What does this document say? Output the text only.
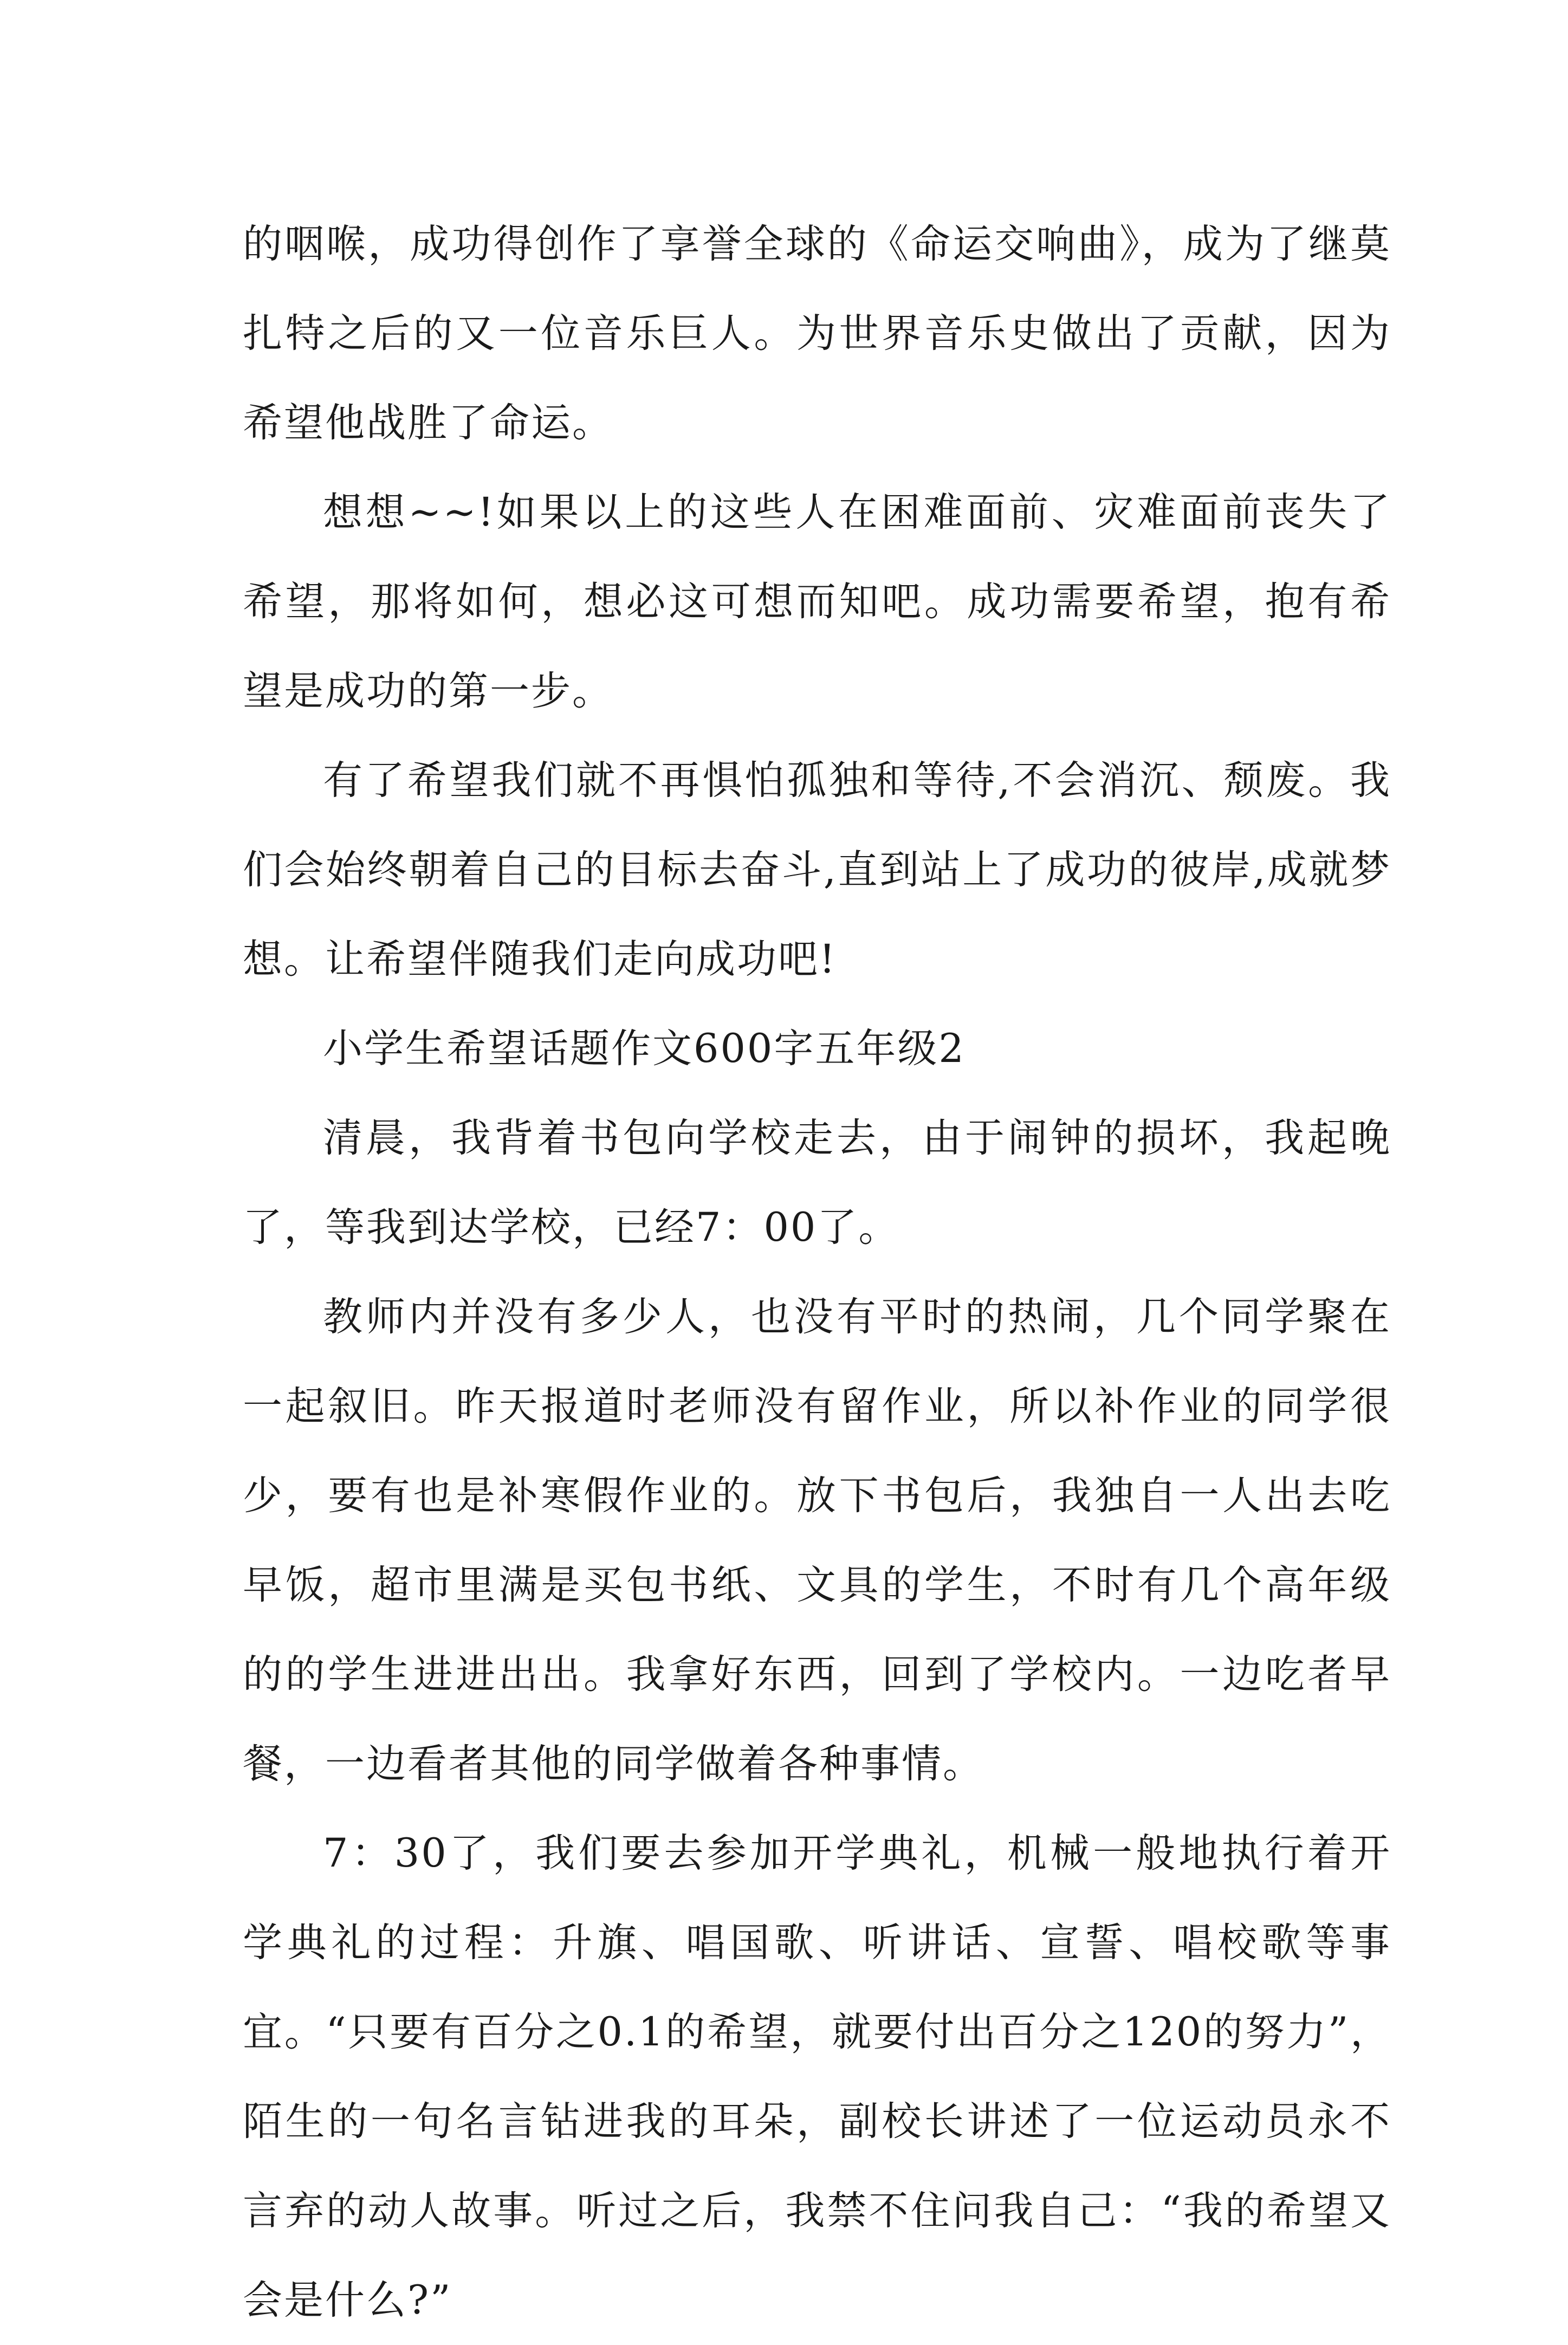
的咽喉，成功得创作了享誉全球的《命运交响曲》，成为了继莫扎特之后的又一位音乐巨人。为世界音乐史做出了贡献，因为希望他战胜了命运。

想想~~!如果以上的这些人在困难面前、灾难面前丧失了希望，那将如何，想必这可想而知吧。成功需要希望，抱有希望是成功的第一步。

有了希望我们就不再惧怕孤独和等待,不会消沉、颓废。我们会始终朝着自己的目标去奋斗,直到站上了成功的彼岸,成就梦想。让希望伴随我们走向成功吧!

小学生希望话题作文600字五年级2

清晨，我背着书包向学校走去，由于闹钟的损坏，我起晚了，等我到达学校，已经7：00了。

教师内并没有多少人，也没有平时的热闹，几个同学聚在一起叙旧。昨天报道时老师没有留作业，所以补作业的同学很少，要有也是补寒假作业的。放下书包后，我独自一人出去吃早饭，超市里满是买包书纸、文具的学生，不时有几个高年级的的学生进进出出。我拿好东西，回到了学校内。一边吃者早餐，一边看者其他的同学做着各种事情。

7：30了，我们要去参加开学典礼，机械一般地执行着开学典礼的过程：升旗、唱国歌、听讲话、宣誓、唱校歌等事宜。“只要有百分之0.1的希望，就要付出百分之120的努力”，陌生的一句名言钻进我的耳朵，副校长讲述了一位运动员永不言弃的动人故事。听过之后，我禁不住问我自己：“我的希望又会是什么?”
